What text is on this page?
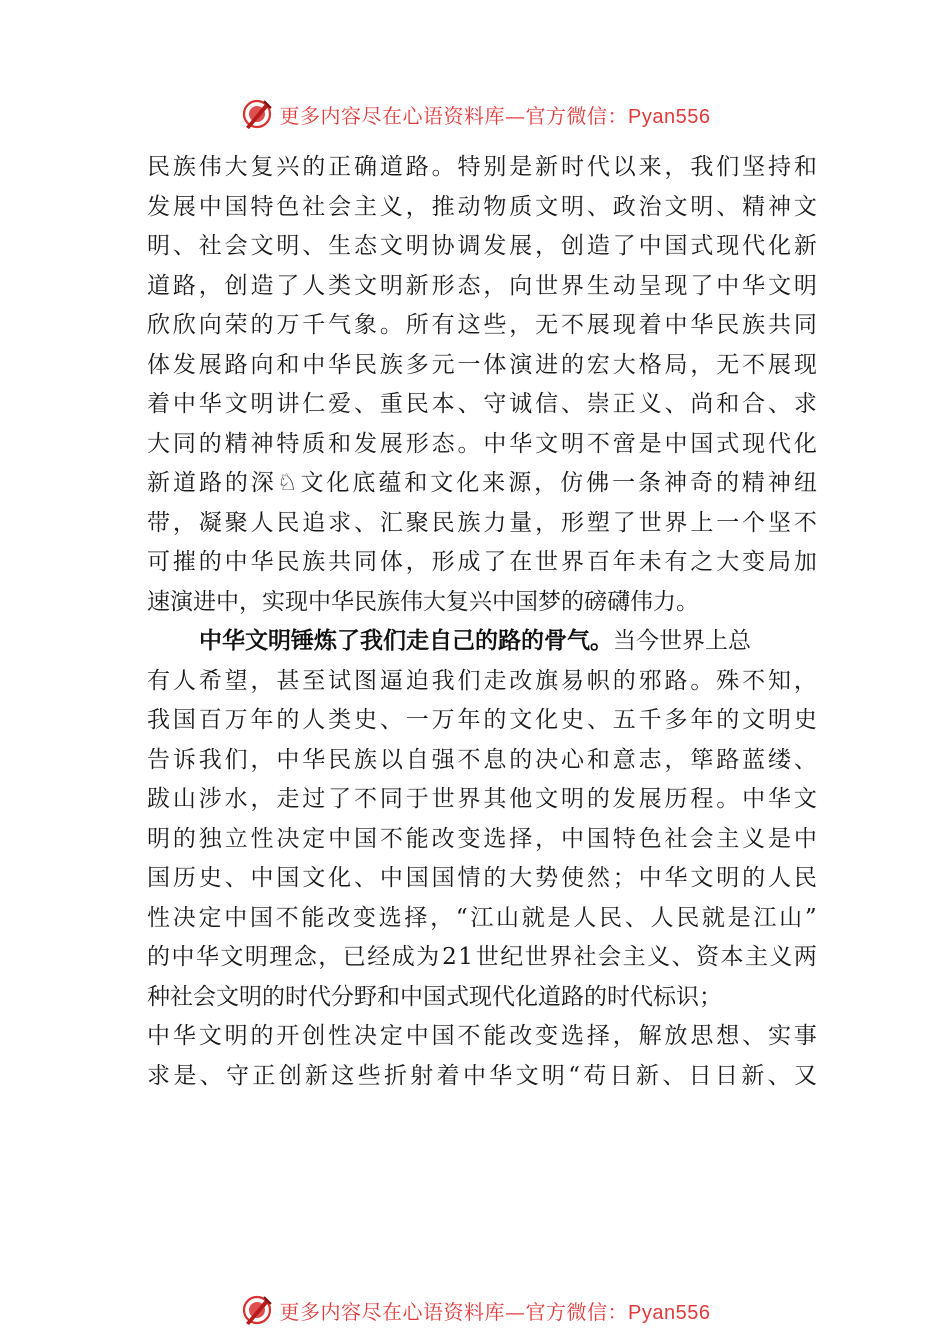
更多内容尽在心语资料库—官方微信：Pyan556
民 族 伟 大 复 兴 的 正 确 道 路 。 特 别 是 新 时 代 以 来 ， 我 们 坚 持 和
发 展 中 国 特 色 社 会 主 义 ， 推 动 物 质 文 明 、 政 治 文 明 、 精 神 文
明 、 社 会 文 明 、 生 态 文 明 协 调 发 展 ， 创 造 了 中 国 式 现 代 化 新
道 路 ， 创 造 了 人 类 文 明 新 形 态 ， 向 世 界 生 动 呈 现 了 中 华 文 明
欣 欣 向 荣 的 万 千 气 象 。 所 有 这 些 ， 无 不 展 现 着 中 华 民 族 共 同
体 发 展 路 向 和 中 华 民 族 多 元 一 体 演 进 的 宏 大 格 局 ， 无 不 展 现
着 中 华 文 明 讲 仁 爱 、 重 民 本 、 守 诚 信 、 崇 正 义 、 尚 和 合 、 求
大 同 的 精 神 特 质 和 发 展 形 态 。 中 华 文 明 不 啻 是 中 国 式 现 代 化
新 道 路 的 深 ♘ 文 化 底 蕴 和 文 化 来 源 ， 仿 佛 一 条 神 奇 的 精 神 纽
带 ， 凝 聚 人 民 追 求 、 汇 聚 民 族 力 量 ， 形 塑 了 世 界 上 一 个 坚 不
可 摧 的 中 华 民 族 共 同 体 ， 形 成 了 在 世 界 百 年 未 有 之 大 变 局 加
速演进中，实现中华民族伟大复兴中国梦的磅礴伟力。
中华文明锤炼了我们走自己的路的骨气。 当今世界上总
有 人 希 望 ， 甚 至 试 图 逼 迫 我 们 走 改 旗 易 帜 的 邪 路 。 殊 不 知 ，
我 国 百 万 年 的 人 类 史 、 一 万 年 的 文 化 史 、 五 千 多 年 的 文 明 史
告 诉 我 们 ， 中 华 民 族 以 自 强 不 息 的 决 心 和 意 志 ， 筚 路 蓝 缕 、
跋 山 涉 水 ， 走 过 了 不 同 于 世 界 其 他 文 明 的 发 展 历 程 。 中 华 文
明 的 独 立 性 决 定 中 国 不 能 改 变 选 择 ， 中 国 特 色 社 会 主 义 是 中
国 历 史 、 中 国 文 化 、 中 国 国 情 的 大 势 使 然 ； 中 华 文 明 的 人 民
性 决 定 中 国 不 能 改 变 选 择 ， “ 江 山 就 是 人 民 、 人 民 就 是 江 山 ”
的 中 华 文 明 理 念 ， 已 经 成 为 2 1 世 纪 世 界 社 会 主 义 、 资 本 主 义 两
种社会文明的时代分野和中国式现代化道路的时代标识；
中 华 文 明 的 开 创 性 决 定 中 国 不 能 改 变 选 择 ， 解 放 思 想 、 实 事
求 是 、 守 正 创 新 这 些 折 射 着 中 华 文 明 “ 苟 日 新 、 日 日 新 、 又
更多内容尽在心语资料库—官方微信：Pyan556
